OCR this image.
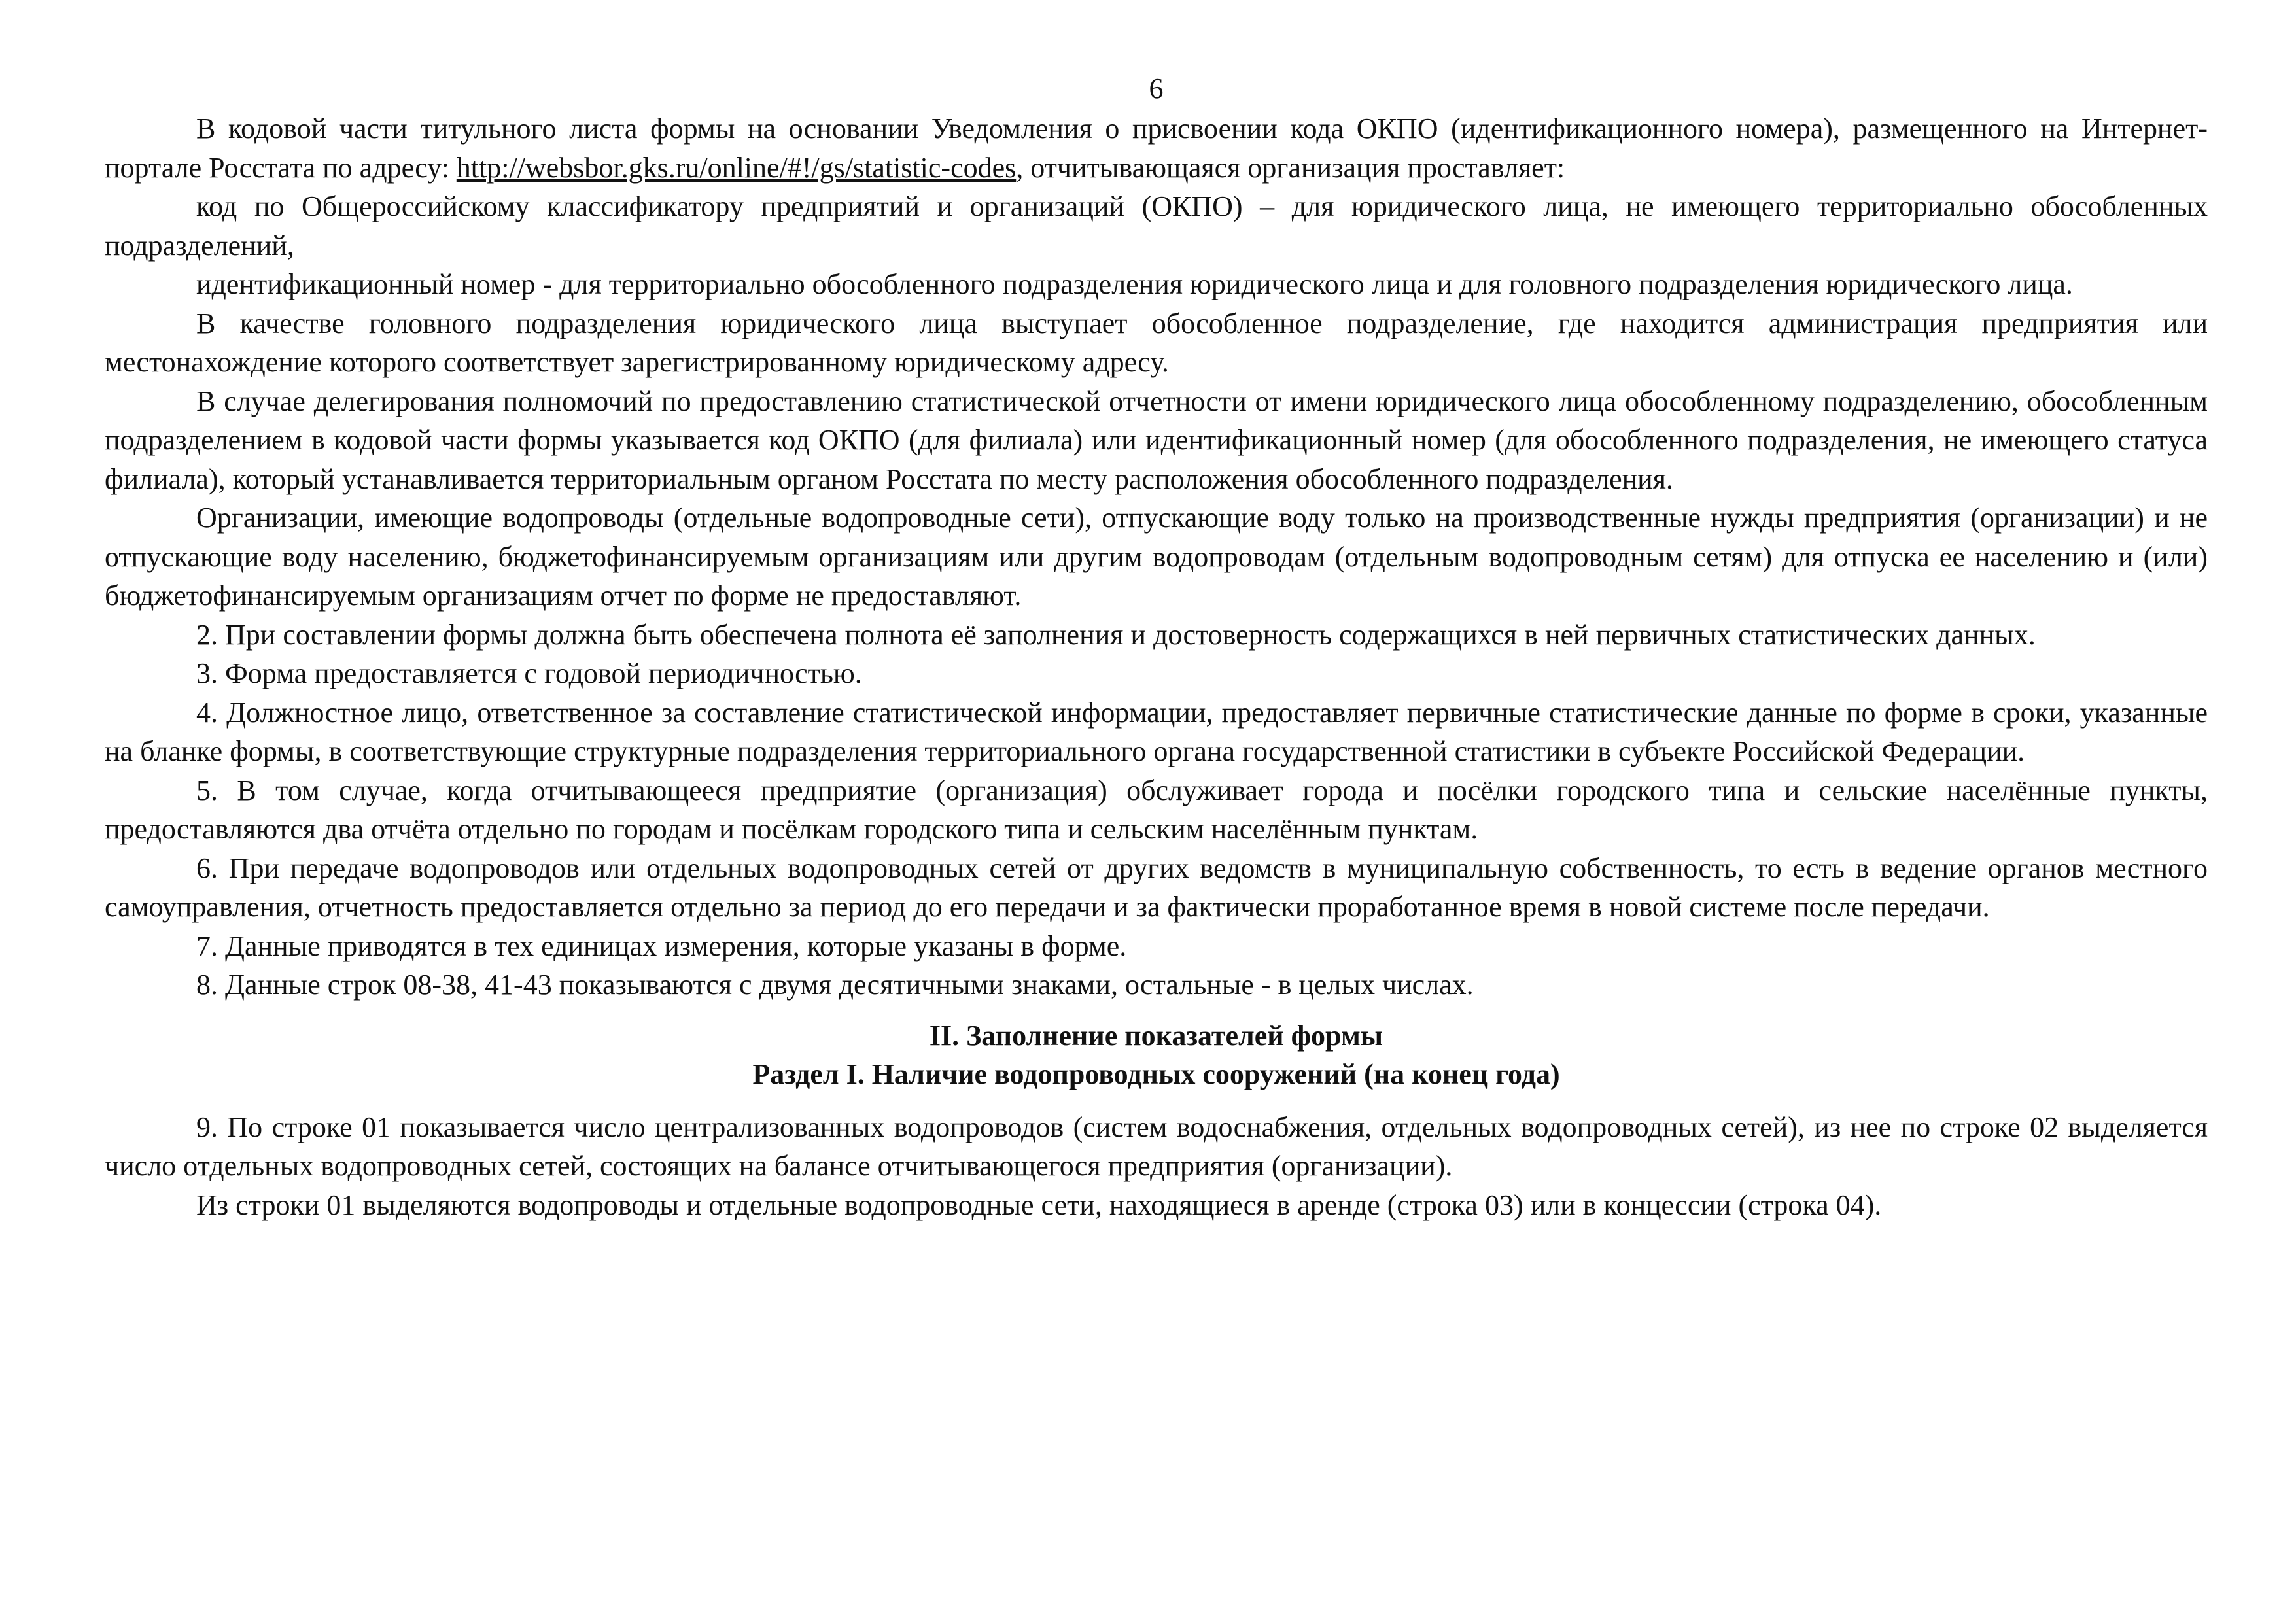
6

В кодовой части титульного листа формы на основании Уведомления о присвоении кода ОКПО (идентификационного номера), размещенного на Интернет-портале Росстата по адресу: http://websbor.gks.ru/online/#!/gs/statistic-codes, отчитывающаяся организация проставляет:

код по Общероссийскому классификатору предприятий и организаций (ОКПО) – для юридического лица, не имеющего территориально обособленных подразделений,

идентификационный номер - для территориально обособленного подразделения юридического лица и для головного подразделения юридического лица.

В качестве головного подразделения юридического лица выступает обособленное подразделение, где находится администрация предприятия или местонахождение которого соответствует зарегистрированному юридическому адресу.

В случае делегирования полномочий по предоставлению статистической отчетности от имени юридического лица обособленному подразделению, обособленным подразделением в кодовой части формы указывается код ОКПО (для филиала) или идентификационный номер (для обособленного подразделения, не имеющего статуса филиала), который устанавливается территориальным органом Росстата по месту расположения обособленного подразделения.

Организации, имеющие водопроводы (отдельные водопроводные сети), отпускающие воду только на производственные нужды предприятия (организации) и не отпускающие воду населению, бюджетофинансируемым организациям или другим водопроводам (отдельным водопроводным сетям) для отпуска ее населению и (или) бюджетофинансируемым организациям отчет по форме не предоставляют.

2. При составлении формы должна быть обеспечена полнота её заполнения и достоверность содержащихся в ней первичных статистических данных.

3. Форма предоставляется с годовой периодичностью.

4. Должностное лицо, ответственное за составление статистической информации, предоставляет первичные статистические данные по форме в сроки, указанные на бланке формы, в соответствующие структурные подразделения территориального органа государственной статистики в субъекте Российской Федерации.

5. В том случае, когда отчитывающееся предприятие (организация) обслуживает города и посёлки городского типа и сельские населённые пункты, предоставляются два отчёта отдельно по городам и посёлкам городского типа и сельским населённым пунктам.

6. При передаче водопроводов или отдельных водопроводных сетей от других ведомств в муниципальную собственность, то есть в ведение органов местного самоуправления, отчетность предоставляется отдельно за период до его передачи и за фактически проработанное время в новой системе после передачи.

7. Данные приводятся в тех единицах измерения, которые указаны в форме.

8. Данные строк 08-38, 41-43 показываются с двумя десятичными знаками, остальные - в целых числах.

II. Заполнение показателей формы
Раздел I. Наличие водопроводных сооружений (на конец года)

9. По строке 01 показывается число централизованных водопроводов (систем водоснабжения, отдельных водопроводных сетей), из нее по строке 02 выделяется число отдельных водопроводных сетей, состоящих на балансе отчитывающегося предприятия (организации).

Из строки 01 выделяются водопроводы и отдельные водопроводные сети, находящиеся в аренде (строка 03) или в концессии (строка 04).
